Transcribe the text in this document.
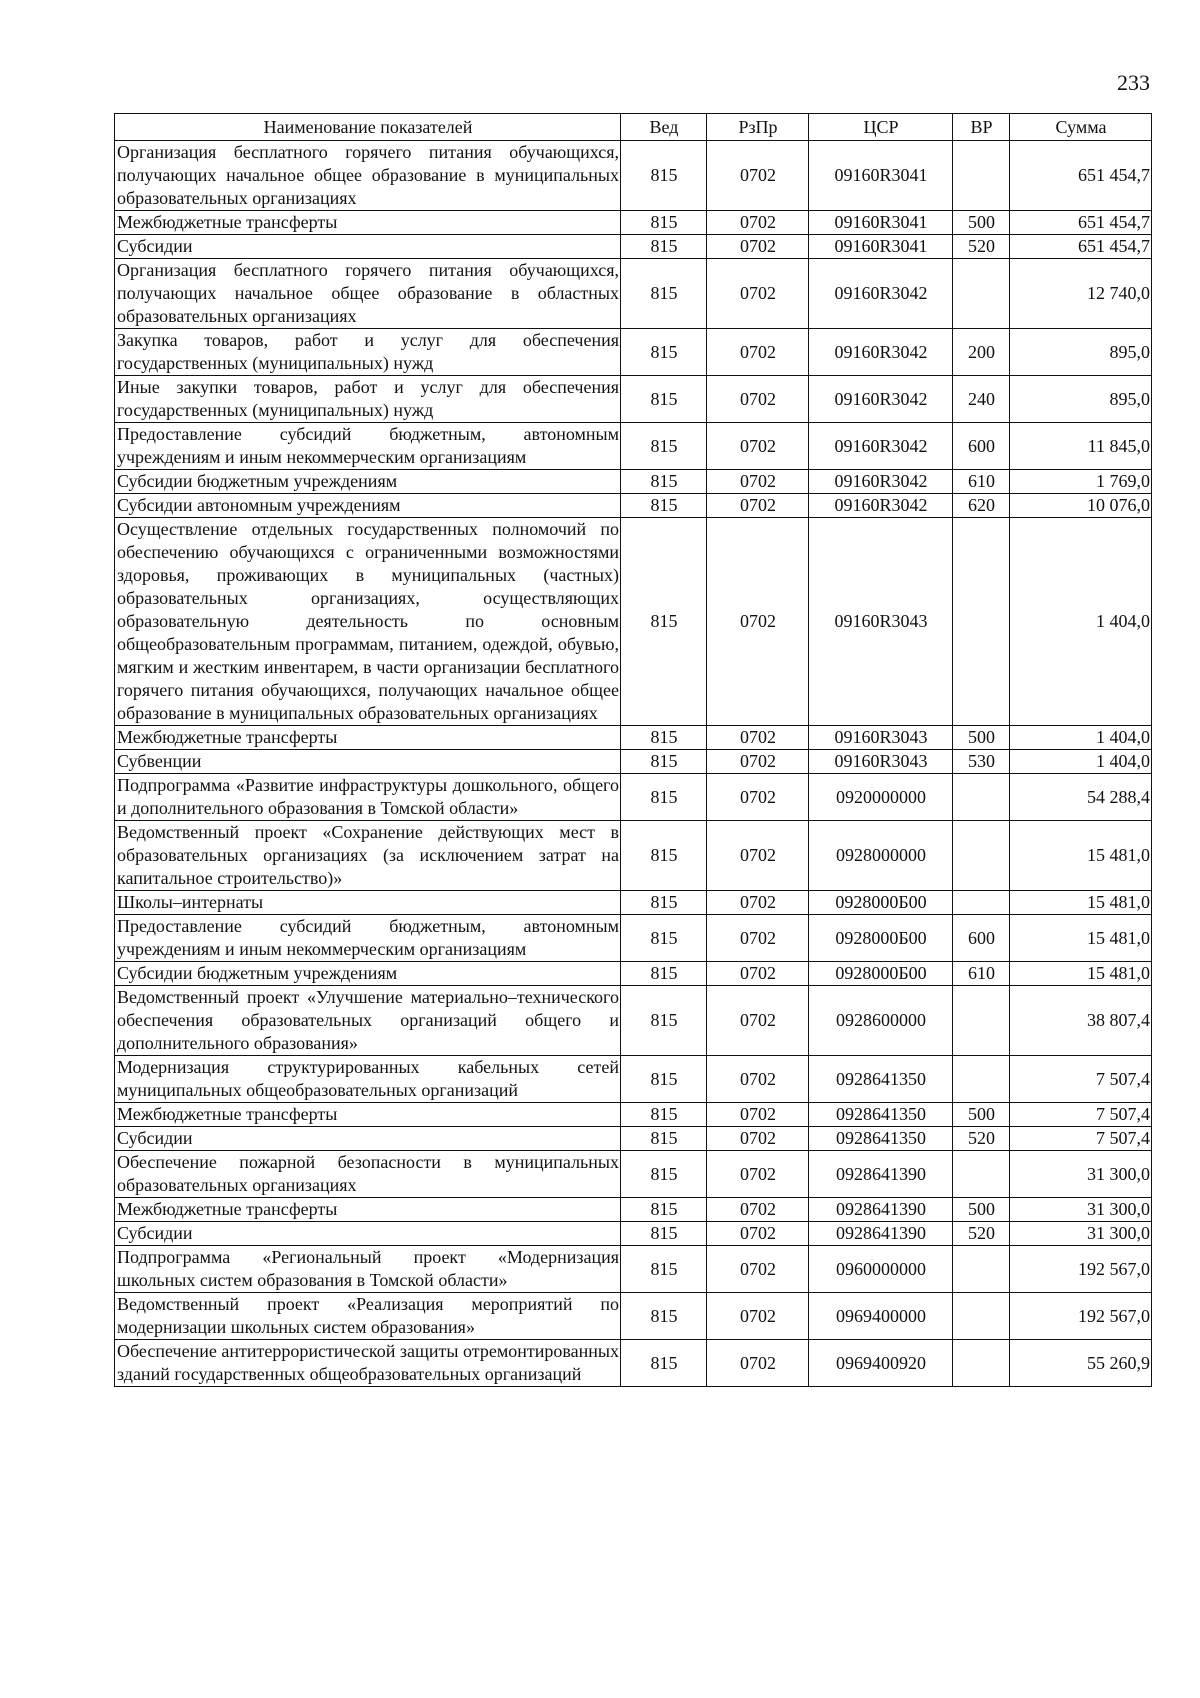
233
Наименование показателей	Вед	РзПр	ЦСР	ВР	Сумма
Организация бесплатного горячего питания обучающихся, получающих начальное общее образование в муниципальных образовательных организациях	815	0702	09160R3041		651 454,7
Межбюджетные трансферты	815	0702	09160R3041	500	651 454,7
Субсидии	815	0702	09160R3041	520	651 454,7
Организация бесплатного горячего питания обучающихся, получающих начальное общее образование в областных образовательных организациях	815	0702	09160R3042		12 740,0
Закупка товаров, работ и услуг для обеспечения государственных (муниципальных) нужд	815	0702	09160R3042	200	895,0
Иные закупки товаров, работ и услуг для обеспечения государственных (муниципальных) нужд	815	0702	09160R3042	240	895,0
Предоставление субсидий бюджетным, автономным учреждениям и иным некоммерческим организациям	815	0702	09160R3042	600	11 845,0
Субсидии бюджетным учреждениям	815	0702	09160R3042	610	1 769,0
Субсидии автономным учреждениям	815	0702	09160R3042	620	10 076,0
Осуществление отдельных государственных полномочий по обеспечению обучающихся с ограниченными возможностями здоровья, проживающих в муниципальных (частных) образовательных организациях, осуществляющих образовательную деятельность по основным общеобразовательным программам, питанием, одеждой, обувью, мягким и жестким инвентарем, в части организации бесплатного горячего питания обучающихся, получающих начальное общее образование в муниципальных образовательных организациях	815	0702	09160R3043		1 404,0
Межбюджетные трансферты	815	0702	09160R3043	500	1 404,0
Субвенции	815	0702	09160R3043	530	1 404,0
Подпрограмма «Развитие инфраструктуры дошкольного, общего и дополнительного образования в Томской области»	815	0702	0920000000		54 288,4
Ведомственный проект «Сохранение действующих мест в образовательных организациях (за исключением затрат на капитальное строительство)»	815	0702	0928000000		15 481,0
Школы–интернаты	815	0702	0928000Б00		15 481,0
Предоставление субсидий бюджетным, автономным учреждениям и иным некоммерческим организациям	815	0702	0928000Б00	600	15 481,0
Субсидии бюджетным учреждениям	815	0702	0928000Б00	610	15 481,0
Ведомственный проект «Улучшение материально–технического обеспечения образовательных организаций общего и дополнительного образования»	815	0702	0928600000		38 807,4
Модернизация структурированных кабельных сетей муниципальных общеобразовательных организаций	815	0702	0928641350		7 507,4
Межбюджетные трансферты	815	0702	0928641350	500	7 507,4
Субсидии	815	0702	0928641350	520	7 507,4
Обеспечение пожарной безопасности в муниципальных образовательных организациях	815	0702	0928641390		31 300,0
Межбюджетные трансферты	815	0702	0928641390	500	31 300,0
Субсидии	815	0702	0928641390	520	31 300,0
Подпрограмма «Региональный проект «Модернизация школьных систем образования в Томской области»	815	0702	0960000000		192 567,0
Ведомственный проект «Реализация мероприятий по модернизации школьных систем образования»	815	0702	0969400000		192 567,0
Обеспечение антитеррористической защиты отремонтированных зданий государственных общеобразовательных организаций	815	0702	0969400920		55 260,9
